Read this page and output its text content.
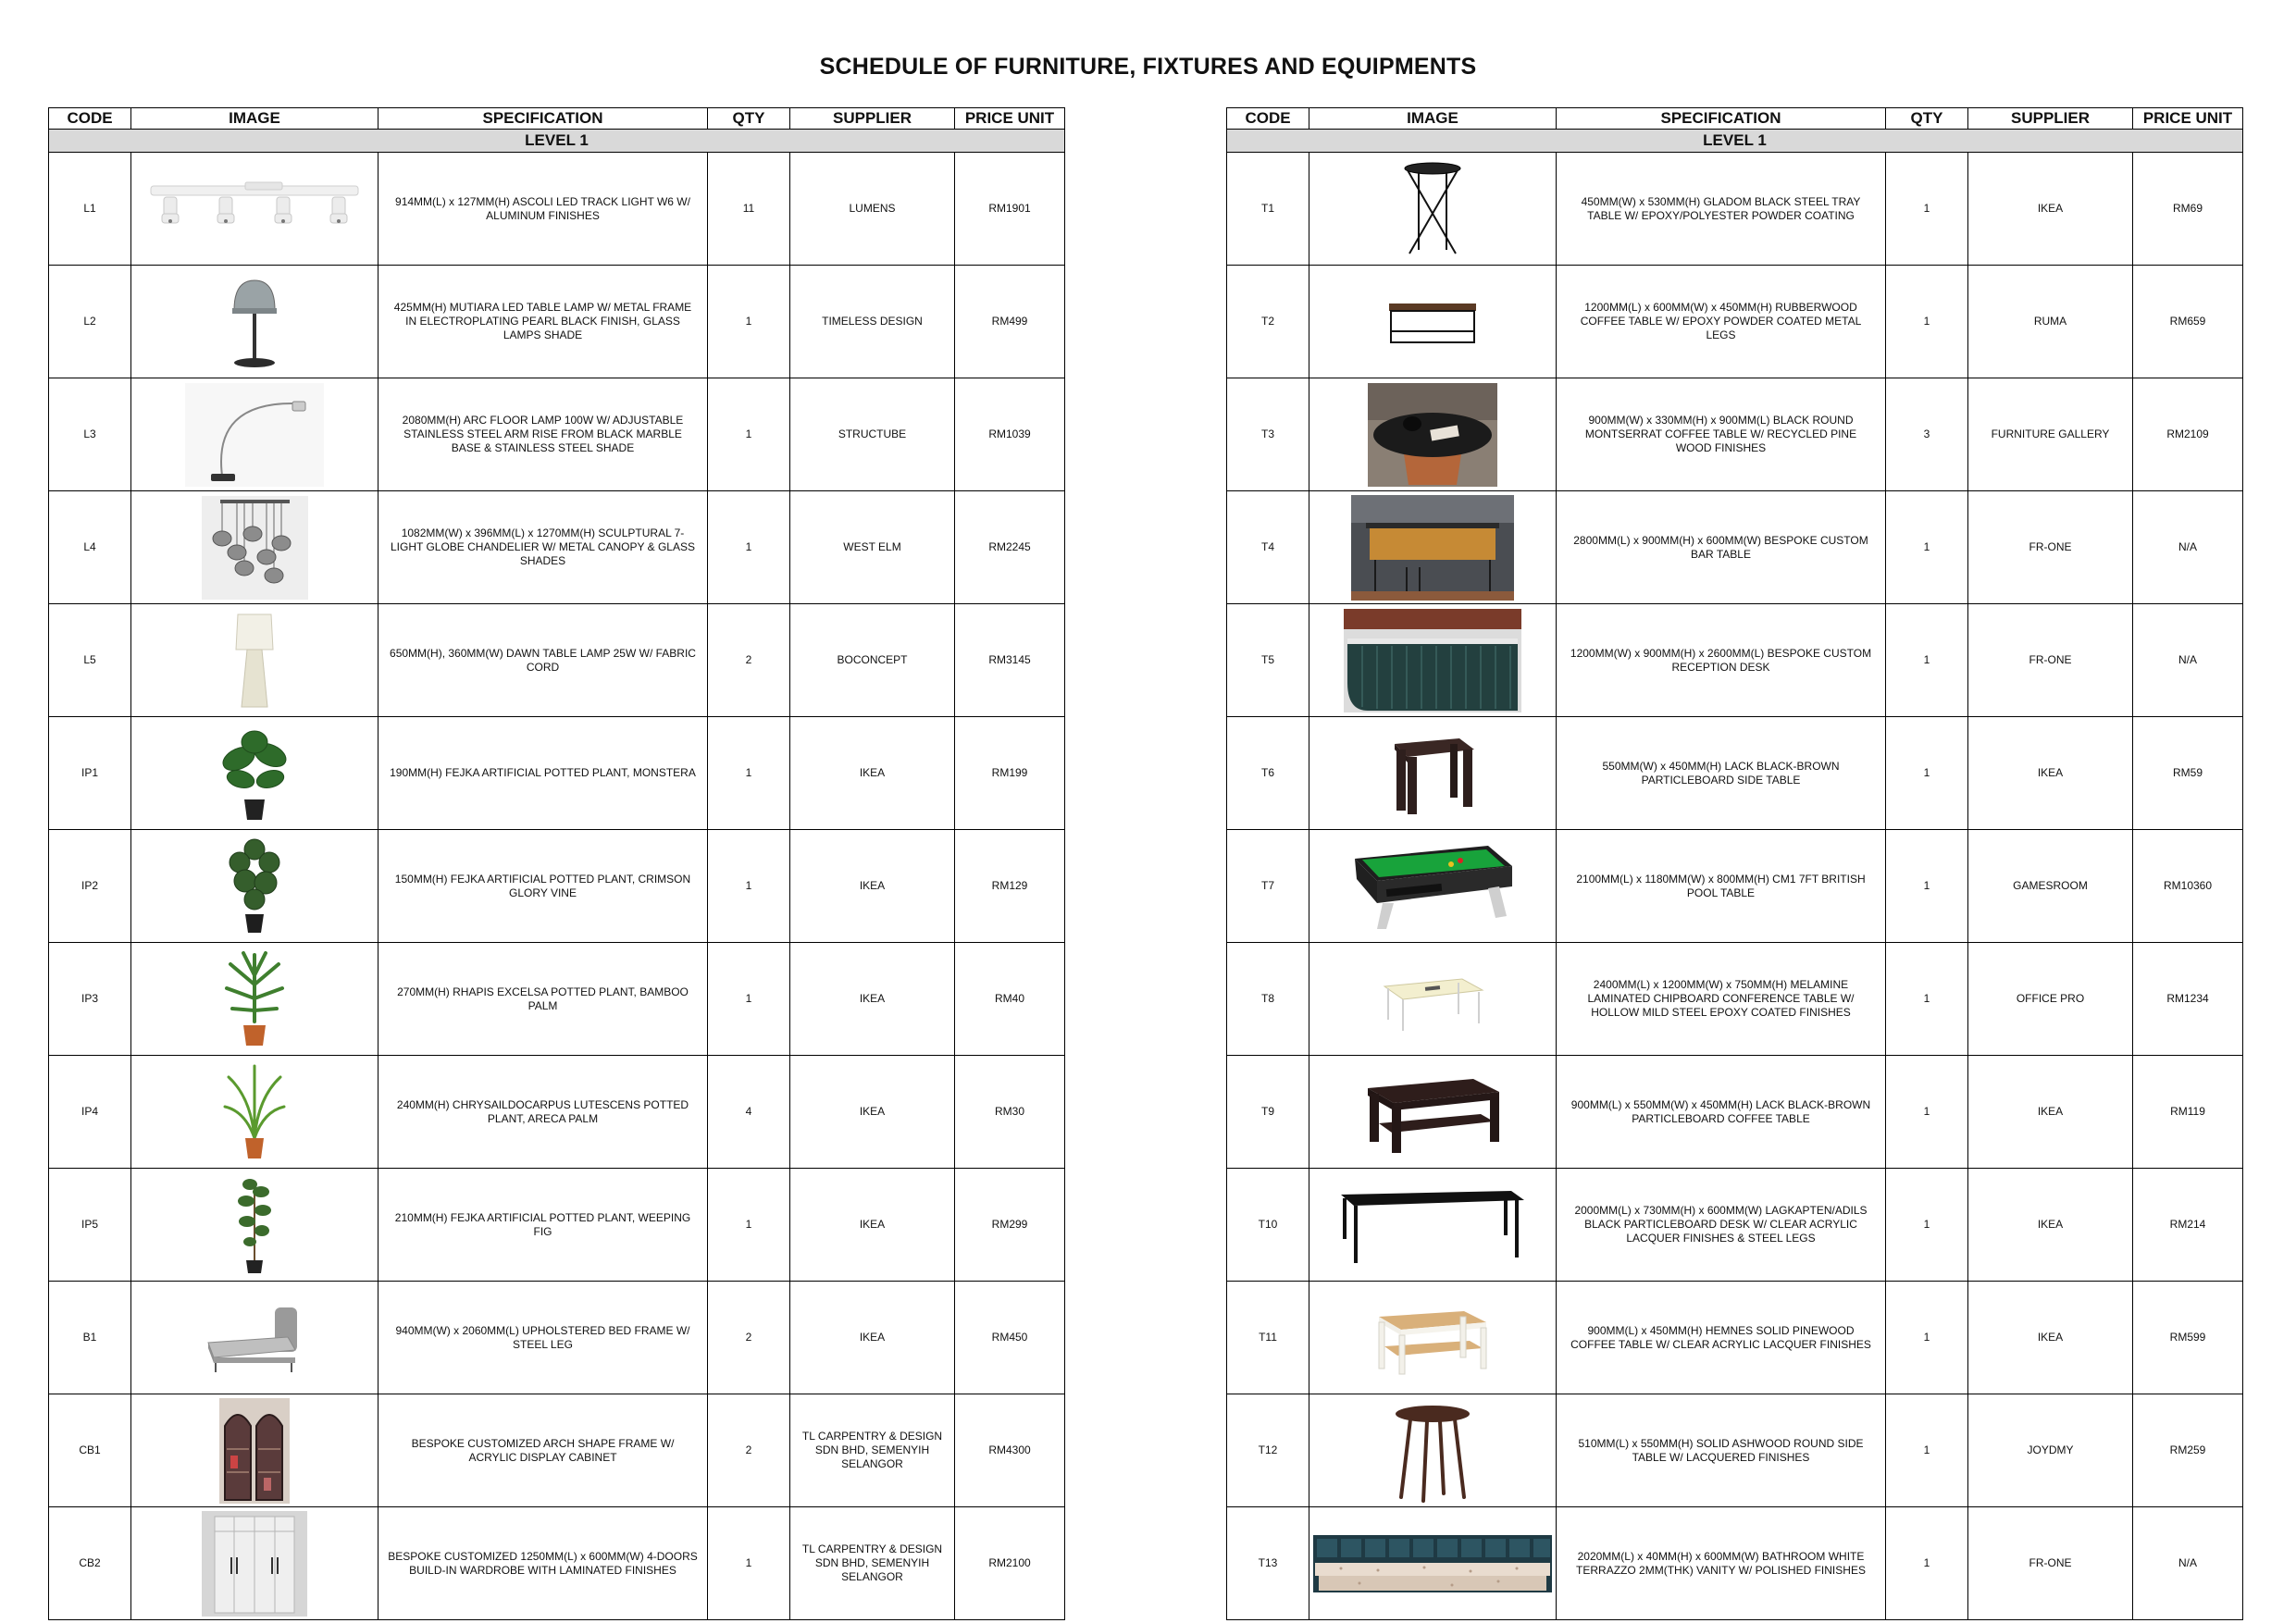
SCHEDULE OF FURNITURE, FIXTURES AND EQUIPMENTS
CODE	IMAGE	SPECIFICATION	QTY	SUPPLIER	PRICE UNIT
LEVEL 1					
L1		914MM(L) x 127MM(H) ASCOLI LED TRACK LIGHT W6 W/ ALUMINUM FINISHES	11	LUMENS	RM1901
L2		425MM(H) MUTIARA LED TABLE LAMP W/ METAL FRAME IN ELECTROPLATING PEARL BLACK FINISH, GLASS LAMPS SHADE	1	TIMELESS DESIGN	RM499
L3		2080MM(H) ARC FLOOR LAMP 100W W/ ADJUSTABLE STAINLESS STEEL ARM RISE FROM BLACK MARBLE BASE & STAINLESS STEEL SHADE	1	STRUCTUBE	RM1039
L4		1082MM(W) x 396MM(L) x 1270MM(H) SCULPTURAL 7-LIGHT GLOBE CHANDELIER W/ METAL CANOPY & GLASS SHADES	1	WEST ELM	RM2245
L5		650MM(H), 360MM(W) DAWN TABLE LAMP 25W W/ FABRIC CORD	2	BOCONCEPT	RM3145
IP1		190MM(H) FEJKA ARTIFICIAL POTTED PLANT, MONSTERA	1	IKEA	RM199
IP2		150MM(H) FEJKA ARTIFICIAL POTTED PLANT, CRIMSON GLORY VINE	1	IKEA	RM129
IP3		270MM(H) RHAPIS EXCELSA POTTED PLANT, BAMBOO PALM	1	IKEA	RM40
IP4		240MM(H) CHRYSAILDOCARPUS LUTESCENS POTTED PLANT, ARECA PALM	4	IKEA	RM30
IP5		210MM(H) FEJKA ARTIFICIAL POTTED PLANT, WEEPING FIG	1	IKEA	RM299
B1		940MM(W) x 2060MM(L) UPHOLSTERED BED FRAME W/ STEEL LEG	2	IKEA	RM450
CB1		BESPOKE CUSTOMIZED ARCH SHAPE FRAME W/ ACRYLIC DISPLAY CABINET	2	TL CARPENTRY & DESIGN SDN BHD, SEMENYIH SELANGOR	RM4300
CB2		BESPOKE CUSTOMIZED 1250MM(L) x 600MM(W) 4-DOORS BUILD-IN WARDROBE WITH LAMINATED FINISHES	1	TL CARPENTRY & DESIGN SDN BHD, SEMENYIH SELANGOR	RM2100
CODE	IMAGE	SPECIFICATION	QTY	SUPPLIER	PRICE UNIT
LEVEL 1					
T1		450MM(W) x 530MM(H) GLADOM BLACK STEEL TRAY TABLE W/ EPOXY/POLYESTER POWDER COATING	1	IKEA	RM69
T2		1200MM(L) x 600MM(W) x 450MM(H) RUBBERWOOD COFFEE TABLE W/ EPOXY POWDER COATED METAL LEGS	1	RUMA	RM659
T3		900MM(W) x 330MM(H) x 900MM(L) BLACK ROUND MONTSERRAT COFFEE TABLE W/ RECYCLED PINE WOOD FINISHES	3	FURNITURE GALLERY	RM2109
T4		2800MM(L) x 900MM(H) x 600MM(W) BESPOKE CUSTOM BAR TABLE	1	FR-ONE	N/A
T5		1200MM(W) x 900MM(H) x 2600MM(L) BESPOKE CUSTOM RECEPTION DESK	1	FR-ONE	N/A
T6		550MM(W) x 450MM(H) LACK BLACK-BROWN PARTICLEBOARD SIDE TABLE	1	IKEA	RM59
T7		2100MM(L) x 1180MM(W) x 800MM(H) CM1 7FT BRITISH POOL TABLE	1	GAMESROOM	RM10360
T8		2400MM(L) x 1200MM(W) x 750MM(H) MELAMINE LAMINATED CHIPBOARD CONFERENCE TABLE W/ HOLLOW MILD STEEL EPOXY COATED FINISHES	1	OFFICE PRO	RM1234
T9		900MM(L) x 550MM(W) x 450MM(H) LACK BLACK-BROWN PARTICLEBOARD COFFEE TABLE	1	IKEA	RM119
T10		2000MM(L) x 730MM(H) x 600MM(W) LAGKAPTEN/ADILS BLACK PARTICLEBOARD DESK W/ CLEAR ACRYLIC LACQUER FINISHES & STEEL LEGS	1	IKEA	RM214
T11		900MM(L) x 450MM(H) HEMNES SOLID PINEWOOD COFFEE TABLE W/ CLEAR ACRYLIC LACQUER FINISHES	1	IKEA	RM599
T12		510MM(L) x 550MM(H) SOLID ASHWOOD ROUND SIDE TABLE W/ LACQUERED FINISHES	1	JOYDMY	RM259
T13		2020MM(L) x 40MM(H) x 600MM(W) BATHROOM WHITE TERRAZZO 2MM(THK) VANITY W/ POLISHED FINISHES	1	FR-ONE	N/A
